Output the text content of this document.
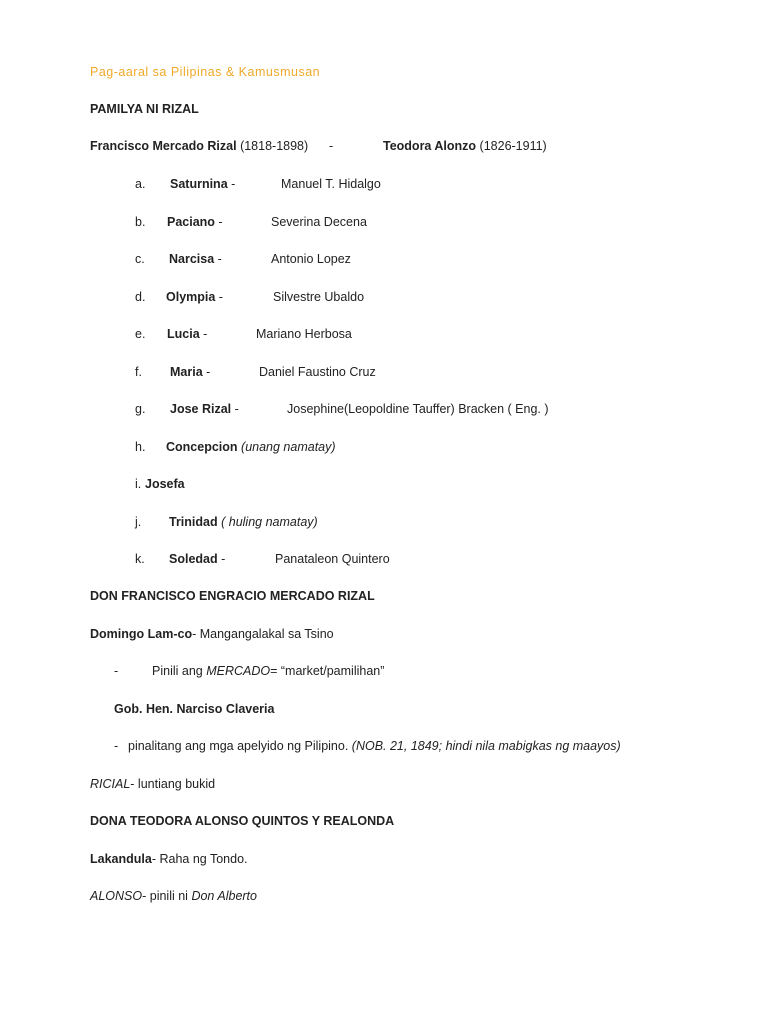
Pag-aaral sa Pilipinas & Kamusmusan
PAMILYA NI RIZAL
Francisco Mercado Rizal (1818-1898) -	Teodora Alonzo (1826-1911)
a. Saturnina -	Manuel T. Hidalgo
b. Paciano -	Severina Decena
c. Narcisa -	Antonio Lopez
d. Olympia -	Silvestre Ubaldo
e. Lucia -	Mariano Herbosa
f. Maria -	Daniel Faustino Cruz
g. Jose Rizal -	Josephine(Leopoldine Tauffer) Bracken ( Eng. )
h. Concepcion (unang namatay)
i. Josefa
j. Trinidad ( huling namatay)
k. Soledad -	Panataleon Quintero
DON FRANCISCO ENGRACIO MERCADO RIZAL
Domingo Lam-co- Mangangalakal sa Tsino
-	Pinili ang MERCADO= “market/pamilihan”
Gob. Hen. Narciso Claveria
- pinalitang ang mga apelyido ng Pilipino. (NOB. 21, 1849; hindi nila mabigkas ng maayos)
RICIAL- luntiang bukid
DONA TEODORA ALONSO QUINTOS Y REALONDA
Lakandula- Raha ng Tondo.
ALONSO- pinili ni Don Alberto
